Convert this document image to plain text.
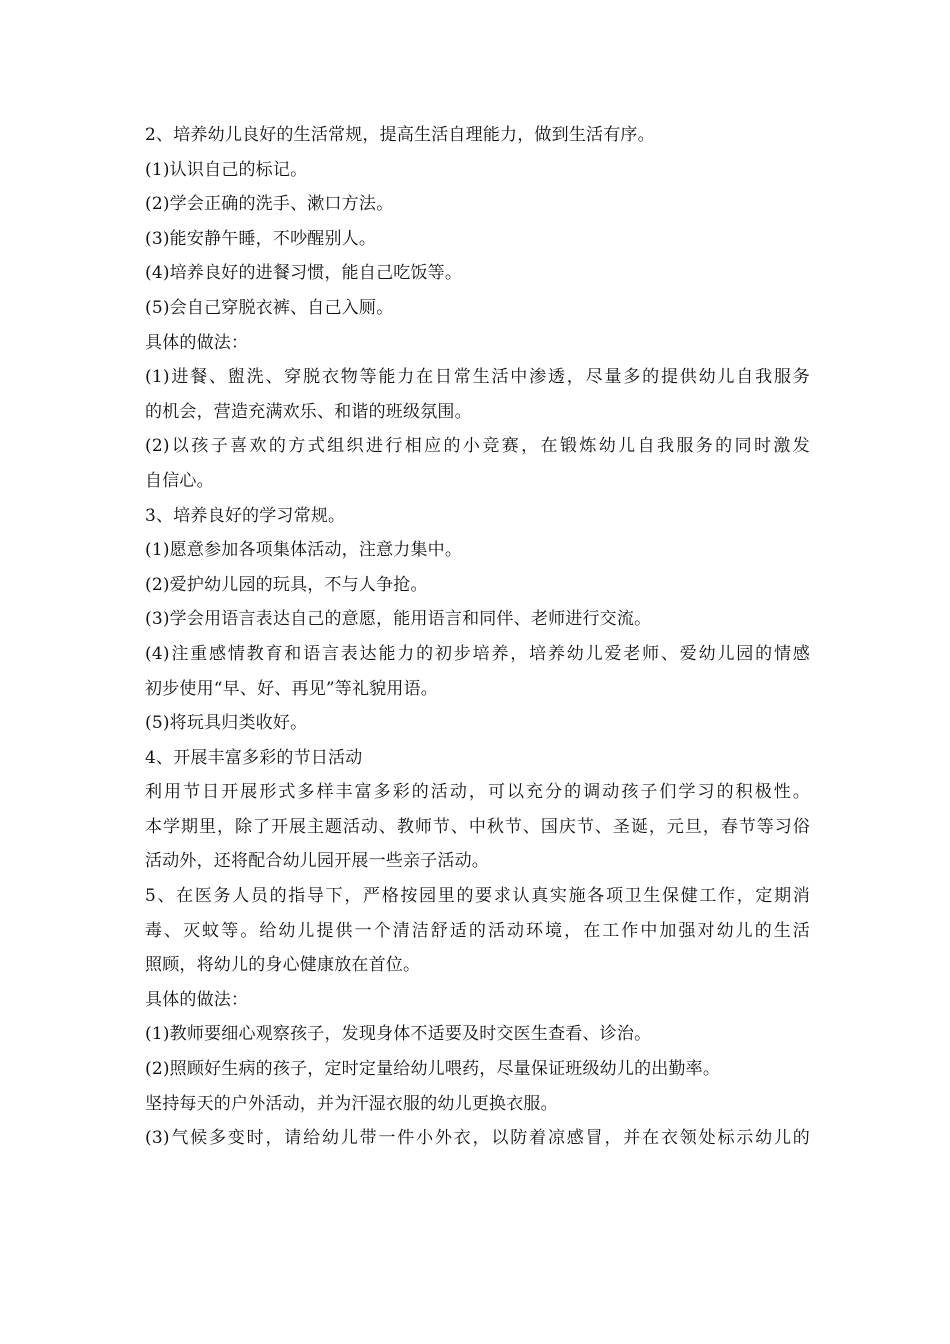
2、培养幼儿良好的生活常规，提高生活自理能力，做到生活有序。
(1)认识自己的标记。
(2)学会正确的洗手、漱口方法。
(3)能安静午睡，不吵醒别人。
(4)培养良好的进餐习惯，能自己吃饭等。
(5)会自己穿脱衣裤、自己入厕。
具体的做法：
(1)进餐、盥洗、穿脱衣物等能力在日常生活中渗透，尽量多的提供幼儿自我服务
的机会，营造充满欢乐、和谐的班级氛围。
(2)以孩子喜欢的方式组织进行相应的小竞赛，在锻炼幼儿自我服务的同时激发
自信心。
3、培养良好的学习常规。
(1)愿意参加各项集体活动，注意力集中。
(2)爱护幼儿园的玩具，不与人争抢。
(3)学会用语言表达自己的意愿，能用语言和同伴、老师进行交流。
(4)注重感情教育和语言表达能力的初步培养，培养幼儿爱老师、爱幼儿园的情感
初步使用“早、好、再见”等礼貌用语。
(5)将玩具归类收好。
4、开展丰富多彩的节日活动
利用节日开展形式多样丰富多彩的活动，可以充分的调动孩子们学习的积极性。
本学期里，除了开展主题活动、教师节、中秋节、国庆节、圣诞，元旦，春节等习俗
活动外，还将配合幼儿园开展一些亲子活动。
5、在医务人员的指导下，严格按园里的要求认真实施各项卫生保健工作，定期消
毒、灭蚊等。给幼儿提供一个清洁舒适的活动环境，在工作中加强对幼儿的生活
照顾，将幼儿的身心健康放在首位。
具体的做法：
(1)教师要细心观察孩子，发现身体不适要及时交医生查看、诊治。
(2)照顾好生病的孩子，定时定量给幼儿喂药，尽量保证班级幼儿的出勤率。
坚持每天的户外活动，并为汗湿衣服的幼儿更换衣服。
(3)气候多变时，请给幼儿带一件小外衣，以防着凉感冒，并在衣领处标示幼儿的
